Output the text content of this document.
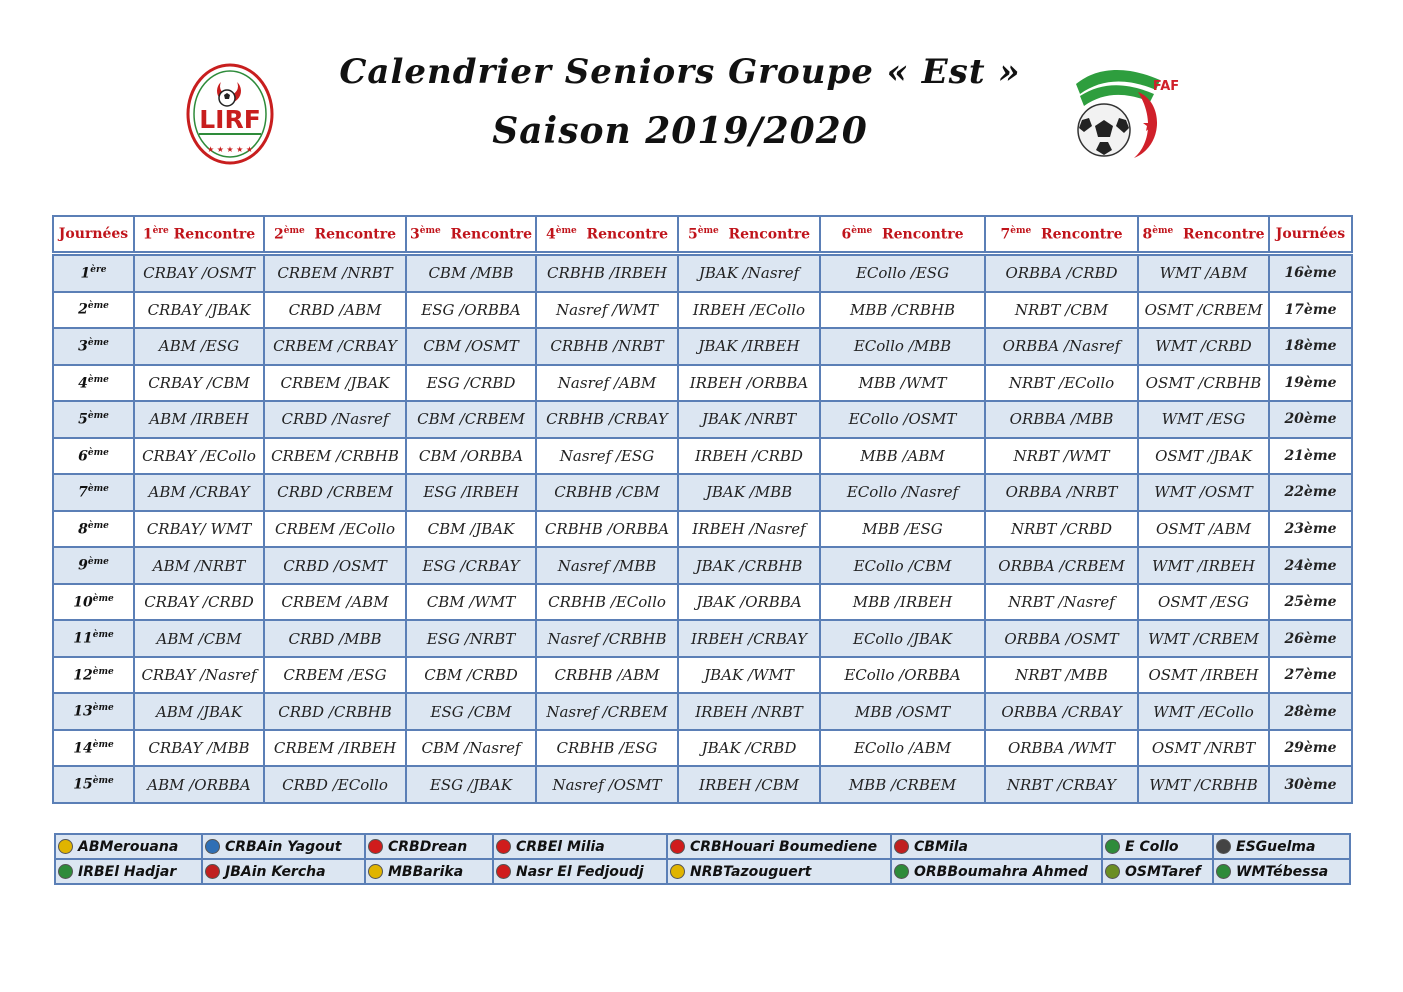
Calendrier Seniors Groupe « Est »
Saison 2019/2020
LIRF
★ ★ ★ ★ ★
FAF
Journées	1ère Rencontre	2ème Rencontre	3ème Rencontre	4ème Rencontre	5ème Rencontre	6ème Rencontre	7ème Rencontre	8ème Rencontre	Journées
1ère	CRBAY /OSMT	CRBEM /NRBT	CBM /MBB	CRBHB /IRBEH	JBAK /Nasref	ECollo /ESG	ORBBA /CRBD	WMT /ABM	16ème
2ème	CRBAY /JBAK	CRBD /ABM	ESG /ORBBA	Nasref /WMT	IRBEH /ECollo	MBB /CRBHB	NRBT /CBM	OSMT /CRBEM	17ème
3ème	ABM /ESG	CRBEM /CRBAY	CBM /OSMT	CRBHB /NRBT	JBAK /IRBEH	ECollo /MBB	ORBBA /Nasref	WMT /CRBD	18ème
4ème	CRBAY /CBM	CRBEM /JBAK	ESG /CRBD	Nasref /ABM	IRBEH /ORBBA	MBB /WMT	NRBT /ECollo	OSMT /CRBHB	19ème
5ème	ABM /IRBEH	CRBD /Nasref	CBM /CRBEM	CRBHB /CRBAY	JBAK /NRBT	ECollo /OSMT	ORBBA /MBB	WMT /ESG	20ème
6ème	CRBAY /ECollo	CRBEM /CRBHB	CBM /ORBBA	Nasref /ESG	IRBEH /CRBD	MBB /ABM	NRBT /WMT	OSMT /JBAK	21ème
7ème	ABM /CRBAY	CRBD /CRBEM	ESG /IRBEH	CRBHB /CBM	JBAK /MBB	ECollo /Nasref	ORBBA /NRBT	WMT /OSMT	22ème
8ème	CRBAY/ WMT	CRBEM /ECollo	CBM /JBAK	CRBHB /ORBBA	IRBEH /Nasref	MBB /ESG	NRBT /CRBD	OSMT /ABM	23ème
9ème	ABM /NRBT	CRBD /OSMT	ESG /CRBAY	Nasref /MBB	JBAK /CRBHB	ECollo /CBM	ORBBA /CRBEM	WMT /IRBEH	24ème
10ème	CRBAY /CRBD	CRBEM /ABM	CBM /WMT	CRBHB /ECollo	JBAK /ORBBA	MBB /IRBEH	NRBT /Nasref	OSMT /ESG	25ème
11ème	ABM /CBM	CRBD /MBB	ESG /NRBT	Nasref /CRBHB	IRBEH /CRBAY	ECollo /JBAK	ORBBA /OSMT	WMT /CRBEM	26ème
12ème	CRBAY /Nasref	CRBEM /ESG	CBM /CRBD	CRBHB /ABM	JBAK /WMT	ECollo /ORBBA	NRBT /MBB	OSMT /IRBEH	27ème
13ème	ABM /JBAK	CRBD /CRBHB	ESG /CBM	Nasref /CRBEM	IRBEH /NRBT	MBB /OSMT	ORBBA /CRBAY	WMT /ECollo	28ème
14ème	CRBAY /MBB	CRBEM /IRBEH	CBM /Nasref	CRBHB /ESG	JBAK /CRBD	ECollo /ABM	ORBBA /WMT	OSMT /NRBT	29ème
15ème	ABM /ORBBA	CRBD /ECollo	ESG /JBAK	Nasref /OSMT	IRBEH /CBM	MBB /CRBEM	NRBT /CRBAY	WMT /CRBHB	30ème
ABMerouana	CRBAin Yagout	CRBDrean	CRBEl Milia	CRBHouari Boumediene	CBMila	E Collo	ESGuelma
IRBEl Hadjar	JBAin Kercha	MBBarika	Nasr El Fedjoudj	NRBTazouguert	ORBBoumahra Ahmed	OSMTaref	WMTébessa
